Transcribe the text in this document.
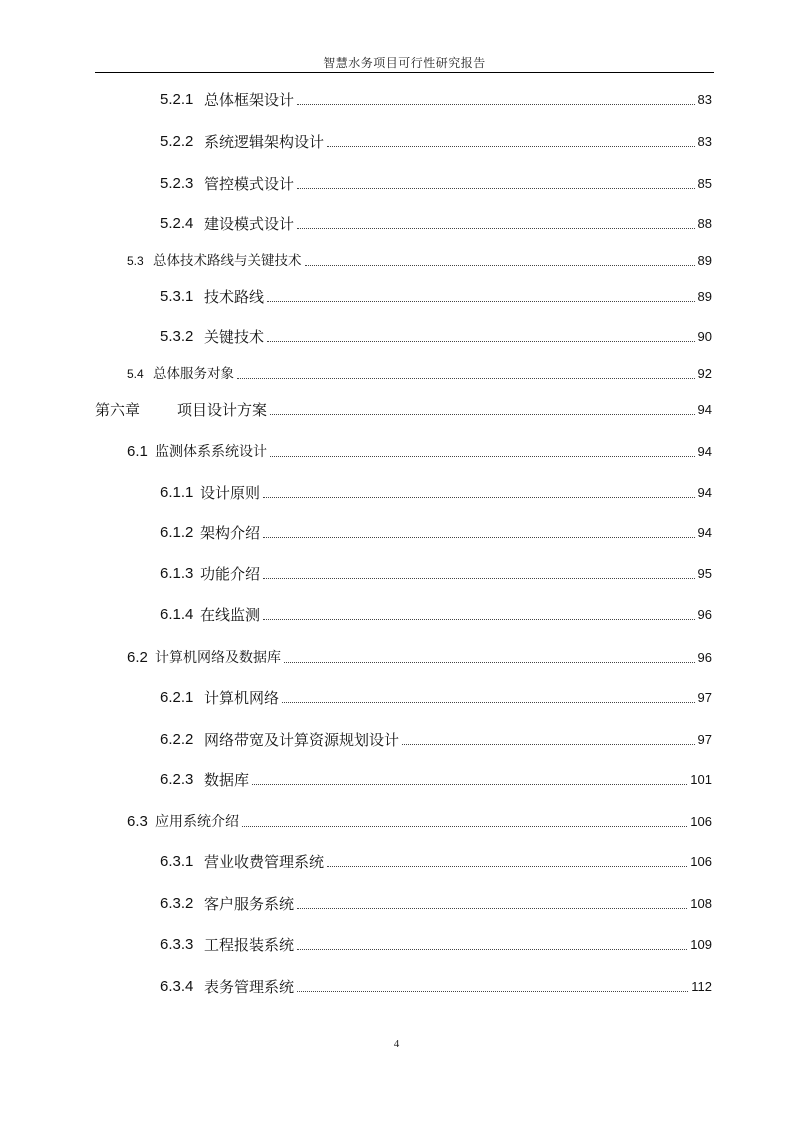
智慧水务项目可行性研究报告
5.2.1 总体框架设计	83
5.2.2 系统逻辑架构设计	83
5.2.3 管控模式设计	85
5.2.4 建设模式设计	88
5.3 总体技术路线与关键技术	89
5.3.1 技术路线	89
5.3.2 关键技术	90
5.4 总体服务对象	92
第六章	项目设计方案	94
6.1 监测体系系统设计	94
6.1.1 设计原则	94
6.1.2 架构介绍	94
6.1.3 功能介绍	95
6.1.4 在线监测	96
6.2 计算机网络及数据库	96
6.2.1 计算机网络	97
6.2.2 网络带宽及计算资源规划设计	97
6.2.3 数据库	101
6.3 应用系统介绍	106
6.3.1 营业收费管理系统	106
6.3.2 客户服务系统	108
6.3.3 工程报装系统	109
6.3.4 表务管理系统	112
4
